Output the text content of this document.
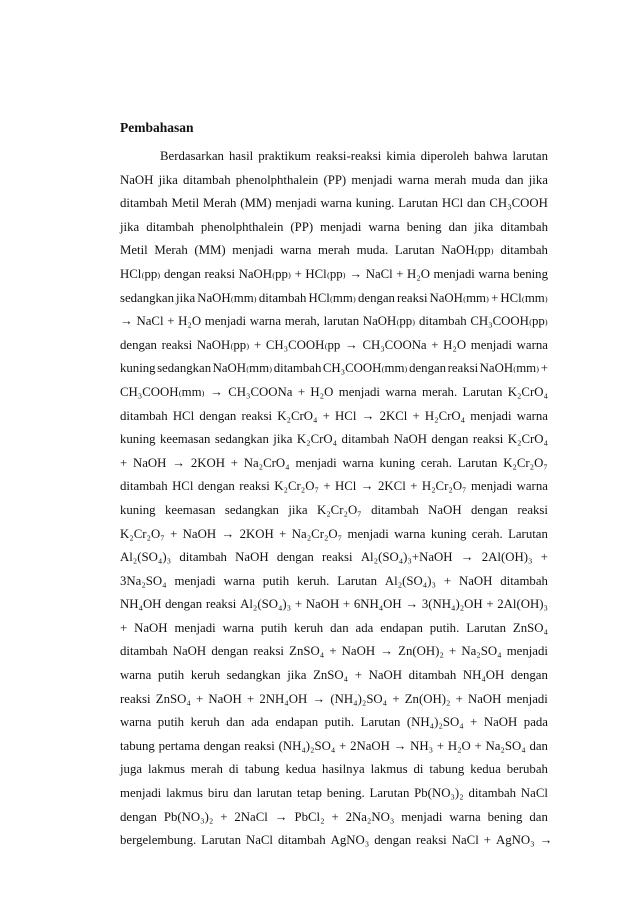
Pembahasan
Berdasarkan hasil praktikum reaksi-reaksi kimia diperoleh bahwa larutan
NaOH jika ditambah phenolphthalein (PP) menjadi warna merah muda dan jika
ditambah Metil Merah (MM) menjadi warna kuning. Larutan HCl dan CH₃COOH
jika ditambah phenolphthalein (PP) menjadi warna bening dan jika ditambah
Metil Merah (MM) menjadi warna merah muda. Larutan NaOH₍pp₎ ditambah
HCl₍pp₎ dengan reaksi NaOH₍pp₎ + HCl₍pp₎ → NaCl + H₂O menjadi warna bening
sedangkan jika NaOH₍mm₎ ditambah HCl₍mm₎ dengan reaksi NaOH₍mm₎ + HCl₍mm₎
→ NaCl + H₂O menjadi warna merah, larutan NaOH₍pp₎ ditambah CH₃COOH₍pp₎
dengan reaksi NaOH₍pp₎ + CH₃COOH₍pp → CH₃COONa + H₂O menjadi warna
kuning sedangkan NaOH₍mm₎ ditambah CH₃COOH₍mm₎ dengan reaksi NaOH₍mm₎ +
CH₃COOH₍mm₎ → CH₃COONa + H₂O menjadi warna merah. Larutan K₂CrO₄
ditambah HCl dengan reaksi K₂CrO₄ + HCl → 2KCl + H₂CrO₄ menjadi warna
kuning keemasan sedangkan jika K₂CrO₄ ditambah NaOH dengan reaksi K₂CrO₄
+ NaOH → 2KOH + Na₂CrO₄ menjadi warna kuning cerah. Larutan K₂Cr₂O₇
ditambah HCl dengan reaksi K₂Cr₂O₇ + HCl → 2KCl + H₂Cr₂O₇ menjadi warna
kuning keemasan sedangkan jika K₂Cr₂O₇ ditambah NaOH dengan reaksi
K₂Cr₂O₇ + NaOH → 2KOH + Na₂Cr₂O₇ menjadi warna kuning cerah. Larutan
Al₂(SO₄)₃ ditambah NaOH dengan reaksi Al₂(SO₄)₃+NaOH → 2Al(OH)₃ +
3Na₂SO₄ menjadi warna putih keruh. Larutan Al₂(SO₄)₃ + NaOH ditambah
NH₄OH dengan reaksi Al₂(SO₄)₃ + NaOH + 6NH₄OH → 3(NH₄)₂OH + 2Al(OH)₃
+ NaOH menjadi warna putih keruh dan ada endapan putih. Larutan ZnSO₄
ditambah NaOH dengan reaksi ZnSO₄ + NaOH → Zn(OH)₂ + Na₂SO₄ menjadi
warna putih keruh sedangkan jika ZnSO₄ + NaOH ditambah NH₄OH dengan
reaksi ZnSO₄ + NaOH + 2NH₄OH → (NH₄)₂SO₄ + Zn(OH)₂ + NaOH menjadi
warna putih keruh dan ada endapan putih. Larutan (NH₄)₂SO₄ + NaOH pada
tabung pertama dengan reaksi (NH₄)₂SO₄ + 2NaOH → NH₃ + H₂O + Na₂SO₄ dan
juga lakmus merah di tabung kedua hasilnya lakmus di tabung kedua berubah
menjadi lakmus biru dan larutan tetap bening. Larutan Pb(NO₃)₂ ditambah NaCl
dengan Pb(NO₃)₂ + 2NaCl → PbCl₂ + 2Na₂NO₃ menjadi warna bening dan
bergelembung. Larutan NaCl ditambah AgNO₃ dengan reaksi NaCl + AgNO₃ →
